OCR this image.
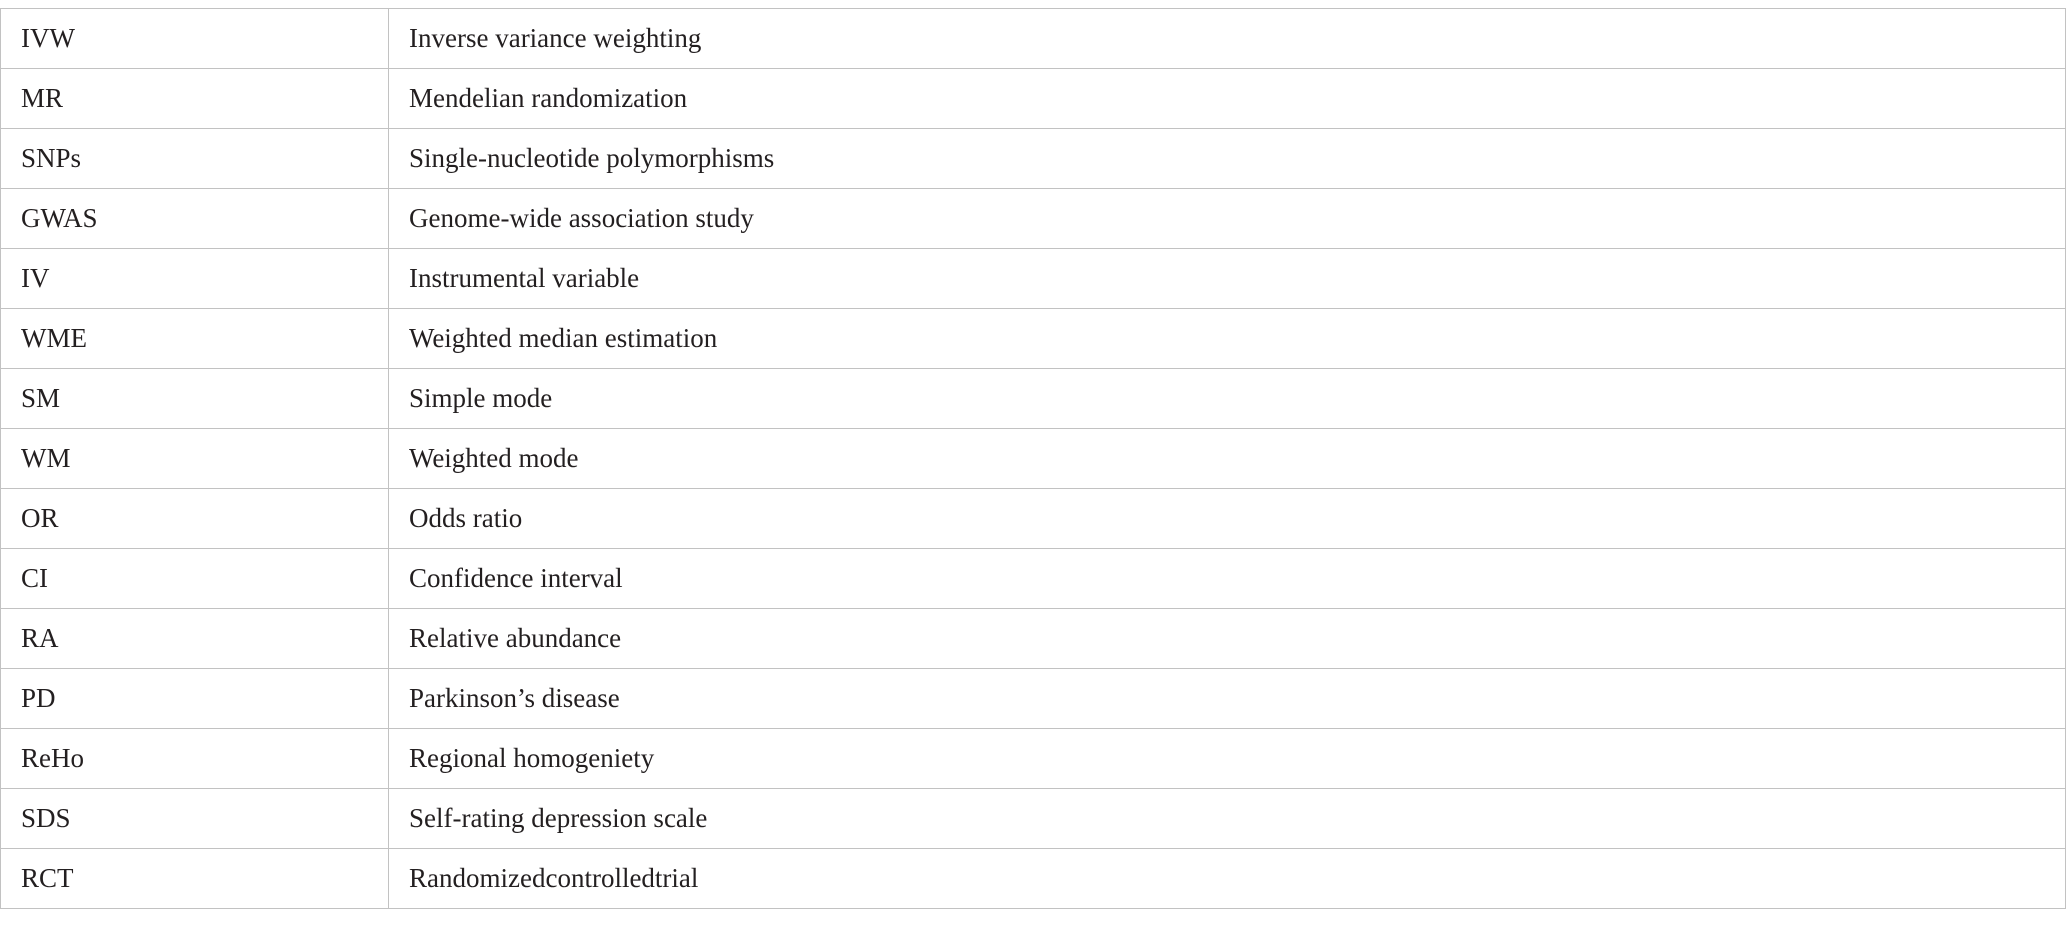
IVW	Inverse variance weighting
MR	Mendelian randomization
SNPs	Single-nucleotide polymorphisms
GWAS	Genome-wide association study
IV	Instrumental variable
WME	Weighted median estimation
SM	Simple mode
WM	Weighted mode
OR	Odds ratio
CI	Confidence interval
RA	Relative abundance
PD	Parkinson’s disease
ReHo	Regional homogeniety
SDS	Self-rating depression scale
RCT	Randomizedcontrolledtrial
